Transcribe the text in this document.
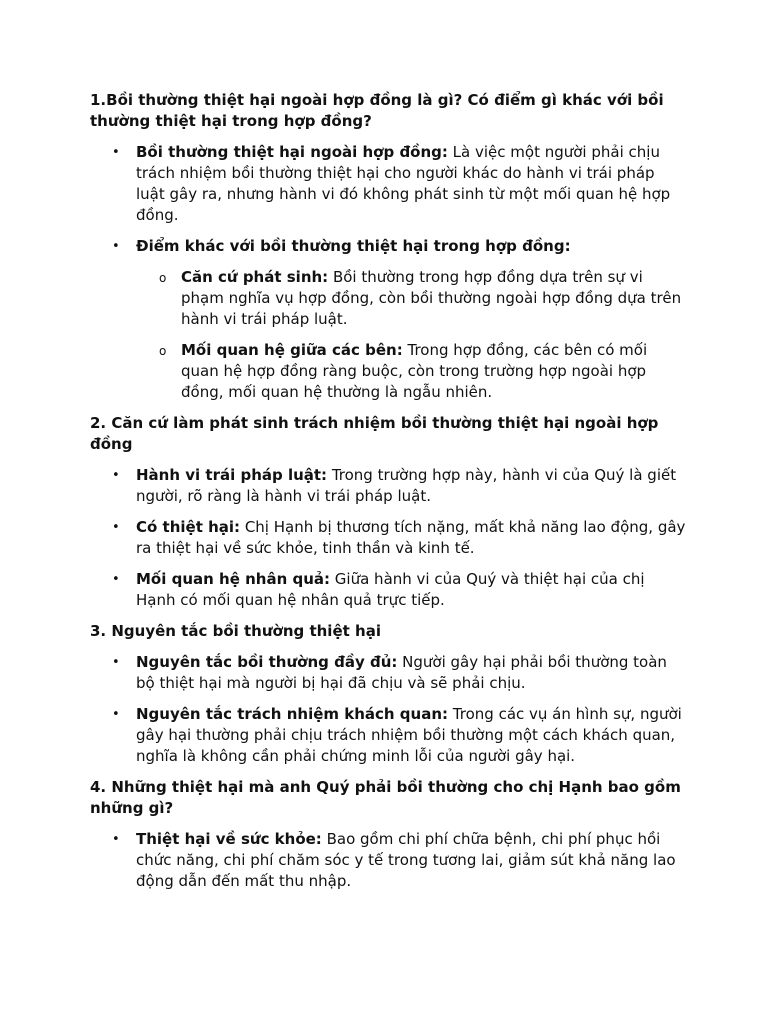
1.Bồi thường thiệt hại ngoài hợp đồng là gì? Có điểm gì khác với bồi thường thiệt hại trong hợp đồng?
• Bồi thường thiệt hại ngoài hợp đồng: Là việc một người phải chịu trách nhiệm bồi thường thiệt hại cho người khác do hành vi trái pháp luật gây ra, nhưng hành vi đó không phát sinh từ một mối quan hệ hợp đồng.
• Điểm khác với bồi thường thiệt hại trong hợp đồng:
o Căn cứ phát sinh: Bồi thường trong hợp đồng dựa trên sự vi phạm nghĩa vụ hợp đồng, còn bồi thường ngoài hợp đồng dựa trên hành vi trái pháp luật.
o Mối quan hệ giữa các bên: Trong hợp đồng, các bên có mối quan hệ hợp đồng ràng buộc, còn trong trường hợp ngoài hợp đồng, mối quan hệ thường là ngẫu nhiên.
2. Căn cứ làm phát sinh trách nhiệm bồi thường thiệt hại ngoài hợp đồng
• Hành vi trái pháp luật: Trong trường hợp này, hành vi của Quý là giết người, rõ ràng là hành vi trái pháp luật.
• Có thiệt hại: Chị Hạnh bị thương tích nặng, mất khả năng lao động, gây ra thiệt hại về sức khỏe, tinh thần và kinh tế.
• Mối quan hệ nhân quả: Giữa hành vi của Quý và thiệt hại của chị Hạnh có mối quan hệ nhân quả trực tiếp.
3. Nguyên tắc bồi thường thiệt hại
• Nguyên tắc bồi thường đầy đủ: Người gây hại phải bồi thường toàn bộ thiệt hại mà người bị hại đã chịu và sẽ phải chịu.
• Nguyên tắc trách nhiệm khách quan: Trong các vụ án hình sự, người gây hại thường phải chịu trách nhiệm bồi thường một cách khách quan, nghĩa là không cần phải chứng minh lỗi của người gây hại.
4. Những thiệt hại mà anh Quý phải bồi thường cho chị Hạnh bao gồm những gì?
• Thiệt hại về sức khỏe: Bao gồm chi phí chữa bệnh, chi phí phục hồi chức năng, chi phí chăm sóc y tế trong tương lai, giảm sút khả năng lao động dẫn đến mất thu nhập.
